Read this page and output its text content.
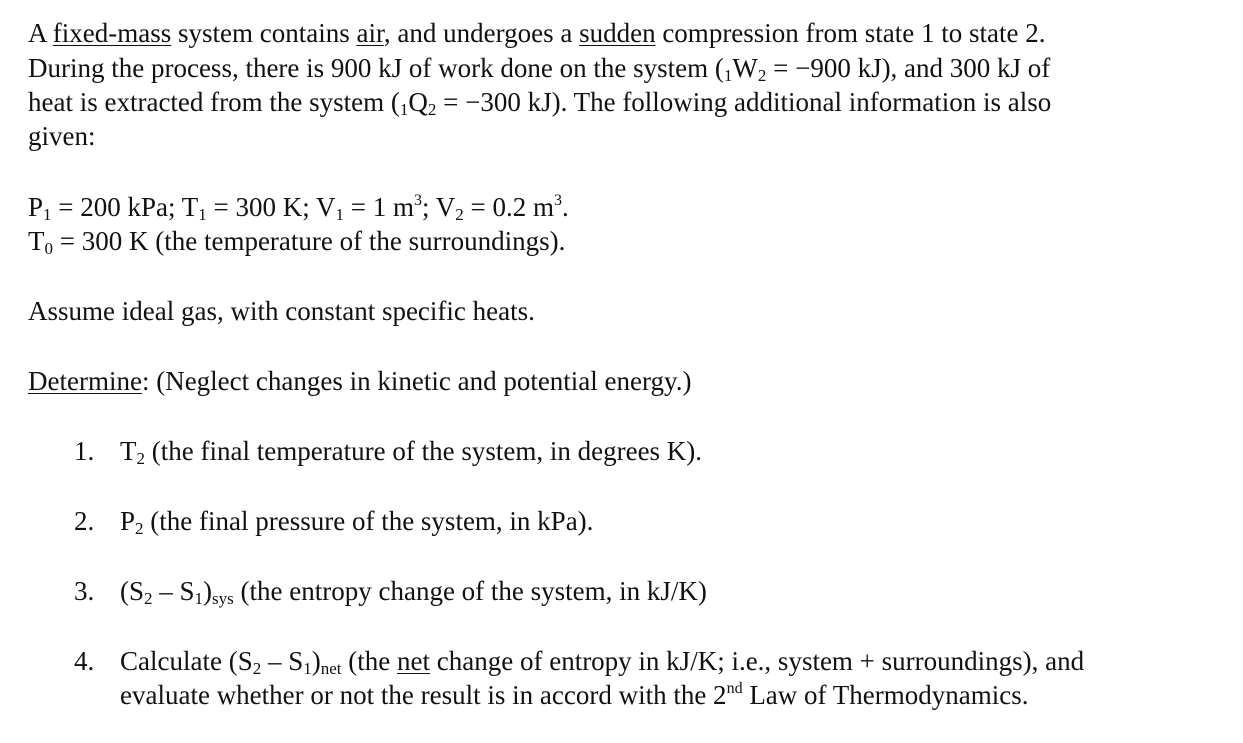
A fixed-mass system contains air, and undergoes a sudden compression from state 1 to state 2.
During the process, there is 900 kJ of work done on the system ($_1W_2 = -900$ kJ), and 300 kJ of
heat is extracted from the system ($_1Q_2 = -300$ kJ). The following additional information is also
given:
$P_1 = 200$ kPa; $T_1 = 300$ K; $V_1 = 1$ $m^3$; $V_2 = 0.2$ $m^3$.
$T_0 = 300$ K (the temperature of the surroundings).
Assume ideal gas, with constant specific heats.
Determine: (Neglect changes in kinetic and potential energy.)
1. $T_2$ (the final temperature of the system, in degrees K).
2. $P_2$ (the final pressure of the system, in kPa).
3. $(S_2 - S_1)_{sys}$ (the entropy change of the system, in kJ/K)
4. Calculate $(S_2 - S_1)_{net}$ (the net change of entropy in kJ/K; i.e., system + surroundings), and
evaluate whether or not the result is in accord with the 2nd Law of Thermodynamics.
